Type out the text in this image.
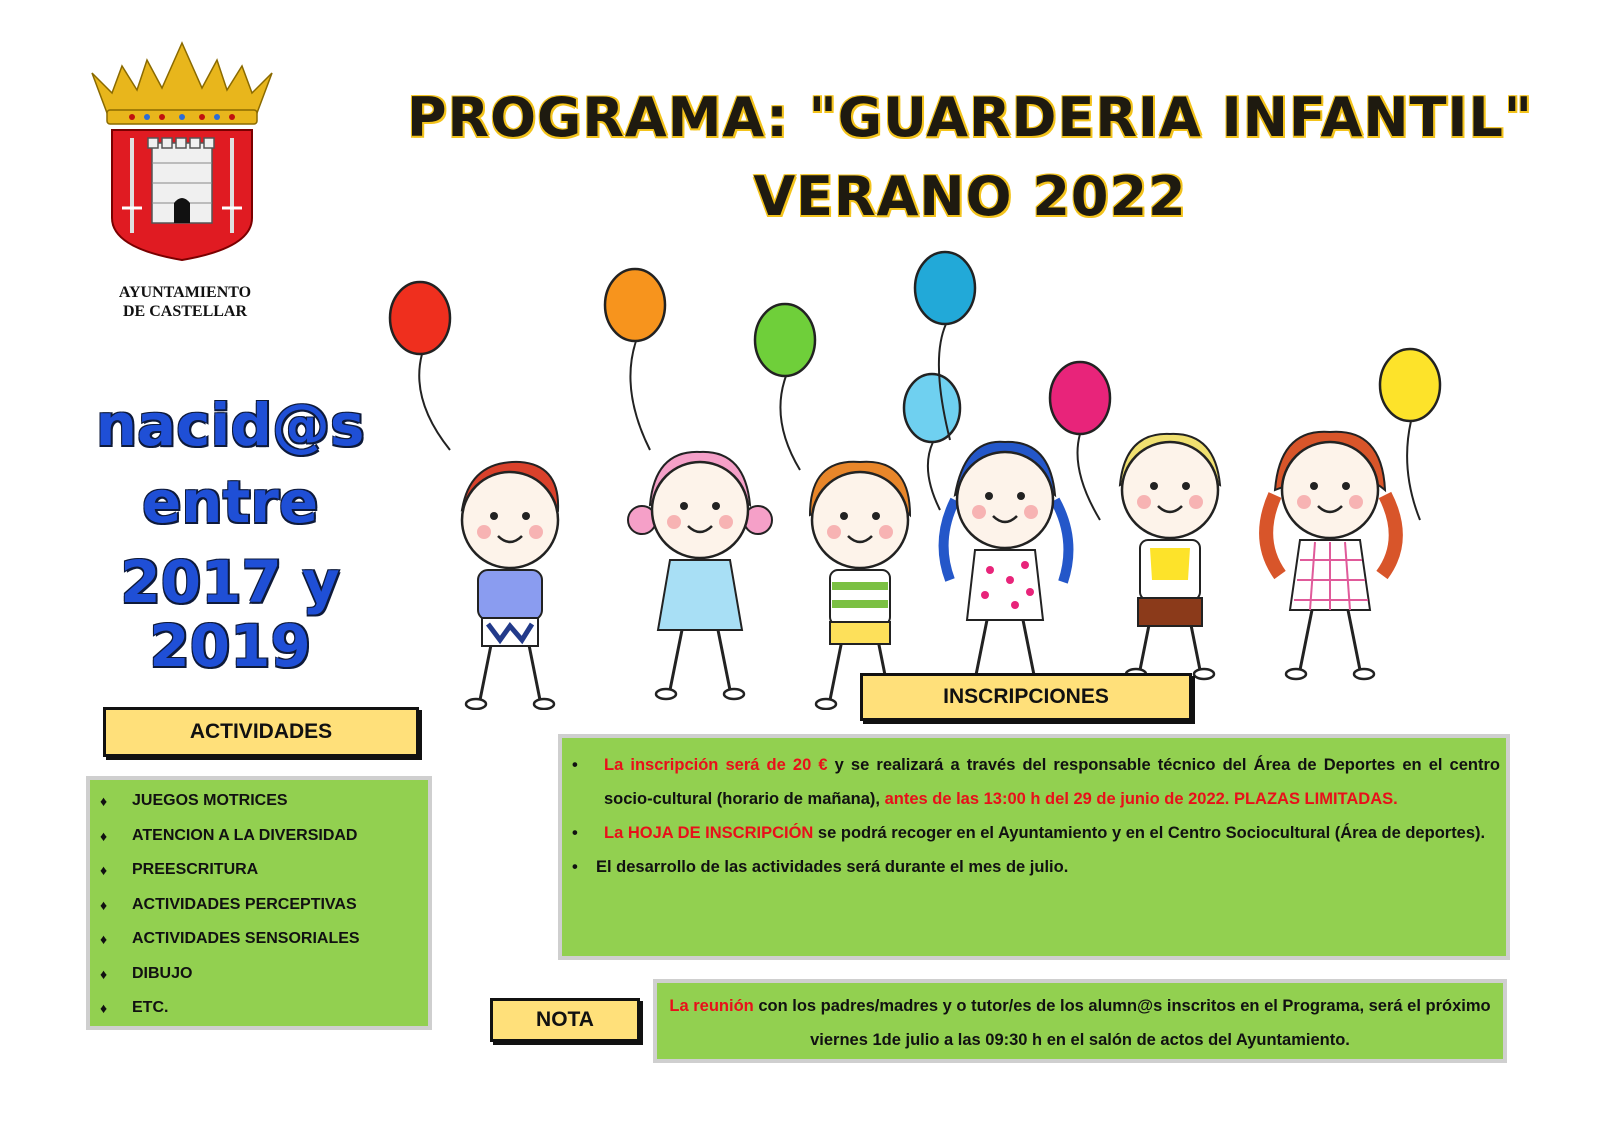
AYUNTAMIENTO
DE CASTELLAR
PROGRAMA: "GUARDERIA INFANTIL"
VERANO 2022
nacid@s
entre
2017 y 2019
INSCRIPCIONES
ACTIVIDADES
♦ JUEGOS MOTRICES
♦ ATENCION A LA DIVERSIDAD
♦ PREESCRITURA
♦ ACTIVIDADES PERCEPTIVAS
♦ ACTIVIDADES SENSORIALES
♦ DIBUJO
♦ ETC.
• La inscripción será de 20 € y se realizará a través del responsable técnico del Área de Deportes en el centro socio-cultural (horario de mañana), antes de las 13:00 h del 29 de junio de 2022. PLAZAS LIMITADAS.
• La HOJA DE INSCRIPCIÓN se podrá recoger en el Ayuntamiento y en el Centro Sociocultural (Área de deportes).
• El desarrollo de las actividades será durante el mes de julio.
NOTA

La reunión con los padres/madres y o tutor/es de los alumn@s inscritos en el Programa, será el próximo viernes 1de julio a las 09:30 h en el salón de actos del Ayuntamiento.
